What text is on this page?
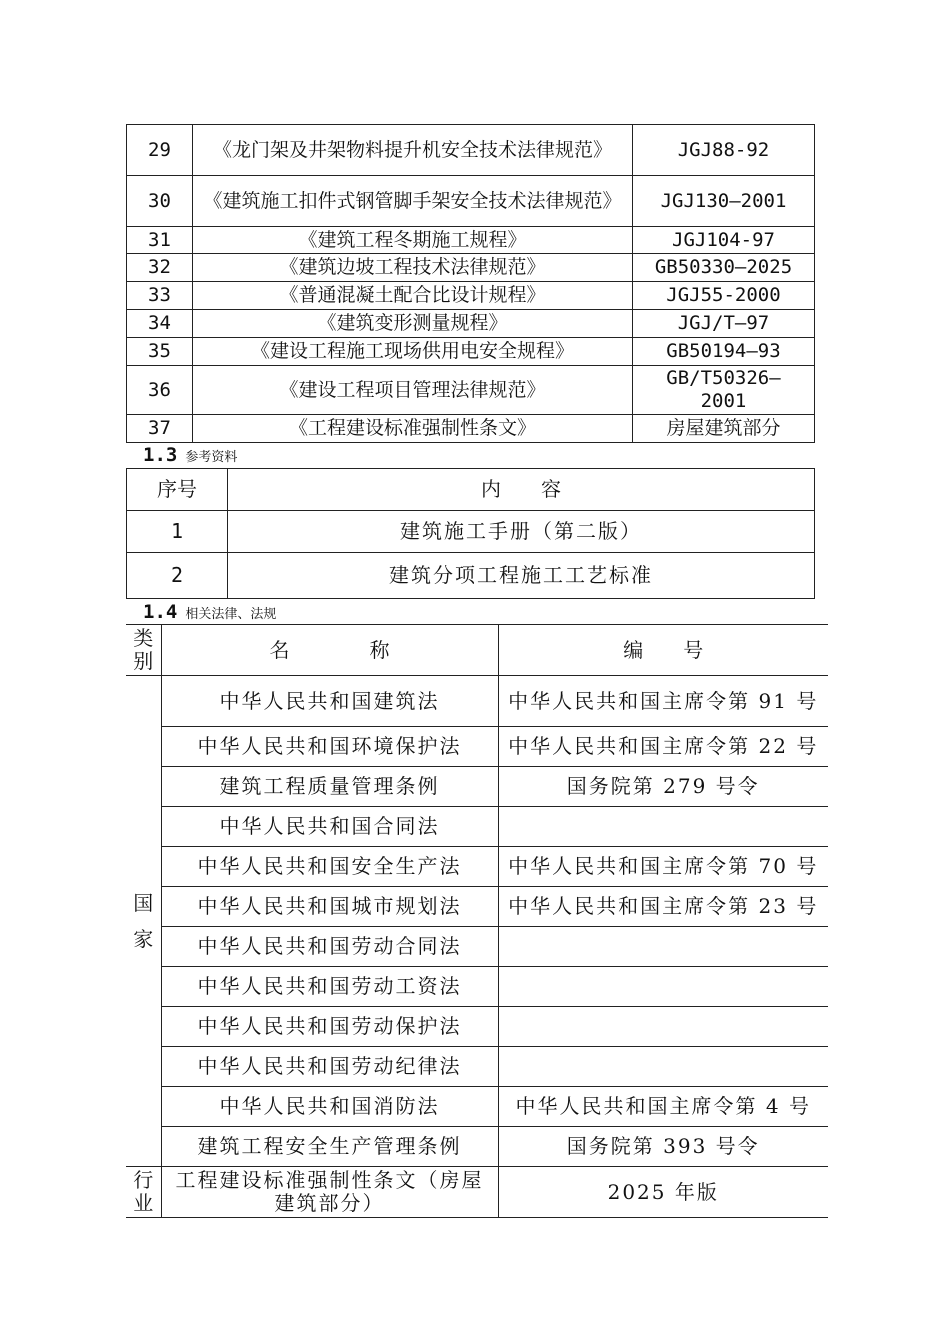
29	《龙门架及井架物料提升机安全技术法律规范》	JGJ88-92
30	《建筑施工扣件式钢管脚手架安全技术法律规范》	JGJ130—2001
31	《建筑工程冬期施工规程》	JGJ104-97
32	《建筑边坡工程技术法律规范》	GB50330—2025
33	《普通混凝土配合比设计规程》	JGJ55-2000
34	《建筑变形测量规程》	JGJ/T—97
35	《建设工程施工现场供用电安全规程》	GB50194—93
36	《建设工程项目管理法律规范》	GB/T50326—2001
37	《工程建设标准强制性条文》	房屋建筑部分
1.3 参考资料
序号	内　　容
1	建筑施工手册（第二版）
2	建筑分项工程施工工艺标准
1.4 相关法律、法规
类别	名　　　　称	编　　号

国　家	中华人民共和国建筑法	中华人民共和国主席令第 91 号
	中华人民共和国环境保护法	中华人民共和国主席令第 22 号
	建筑工程质量管理条例	国务院第 279 号令
	中华人民共和国合同法	
	中华人民共和国安全生产法	中华人民共和国主席令第 70 号
	中华人民共和国城市规划法	中华人民共和国主席令第 23 号
	中华人民共和国劳动合同法	
	中华人民共和国劳动工资法	
	中华人民共和国劳动保护法	
	中华人民共和国劳动纪律法	
	中华人民共和国消防法	中华人民共和国主席令第 4 号
	建筑工程安全生产管理条例	国务院第 393 号令

行业	工程建设标准强制性条文（房屋建筑部分）	2025 年版
